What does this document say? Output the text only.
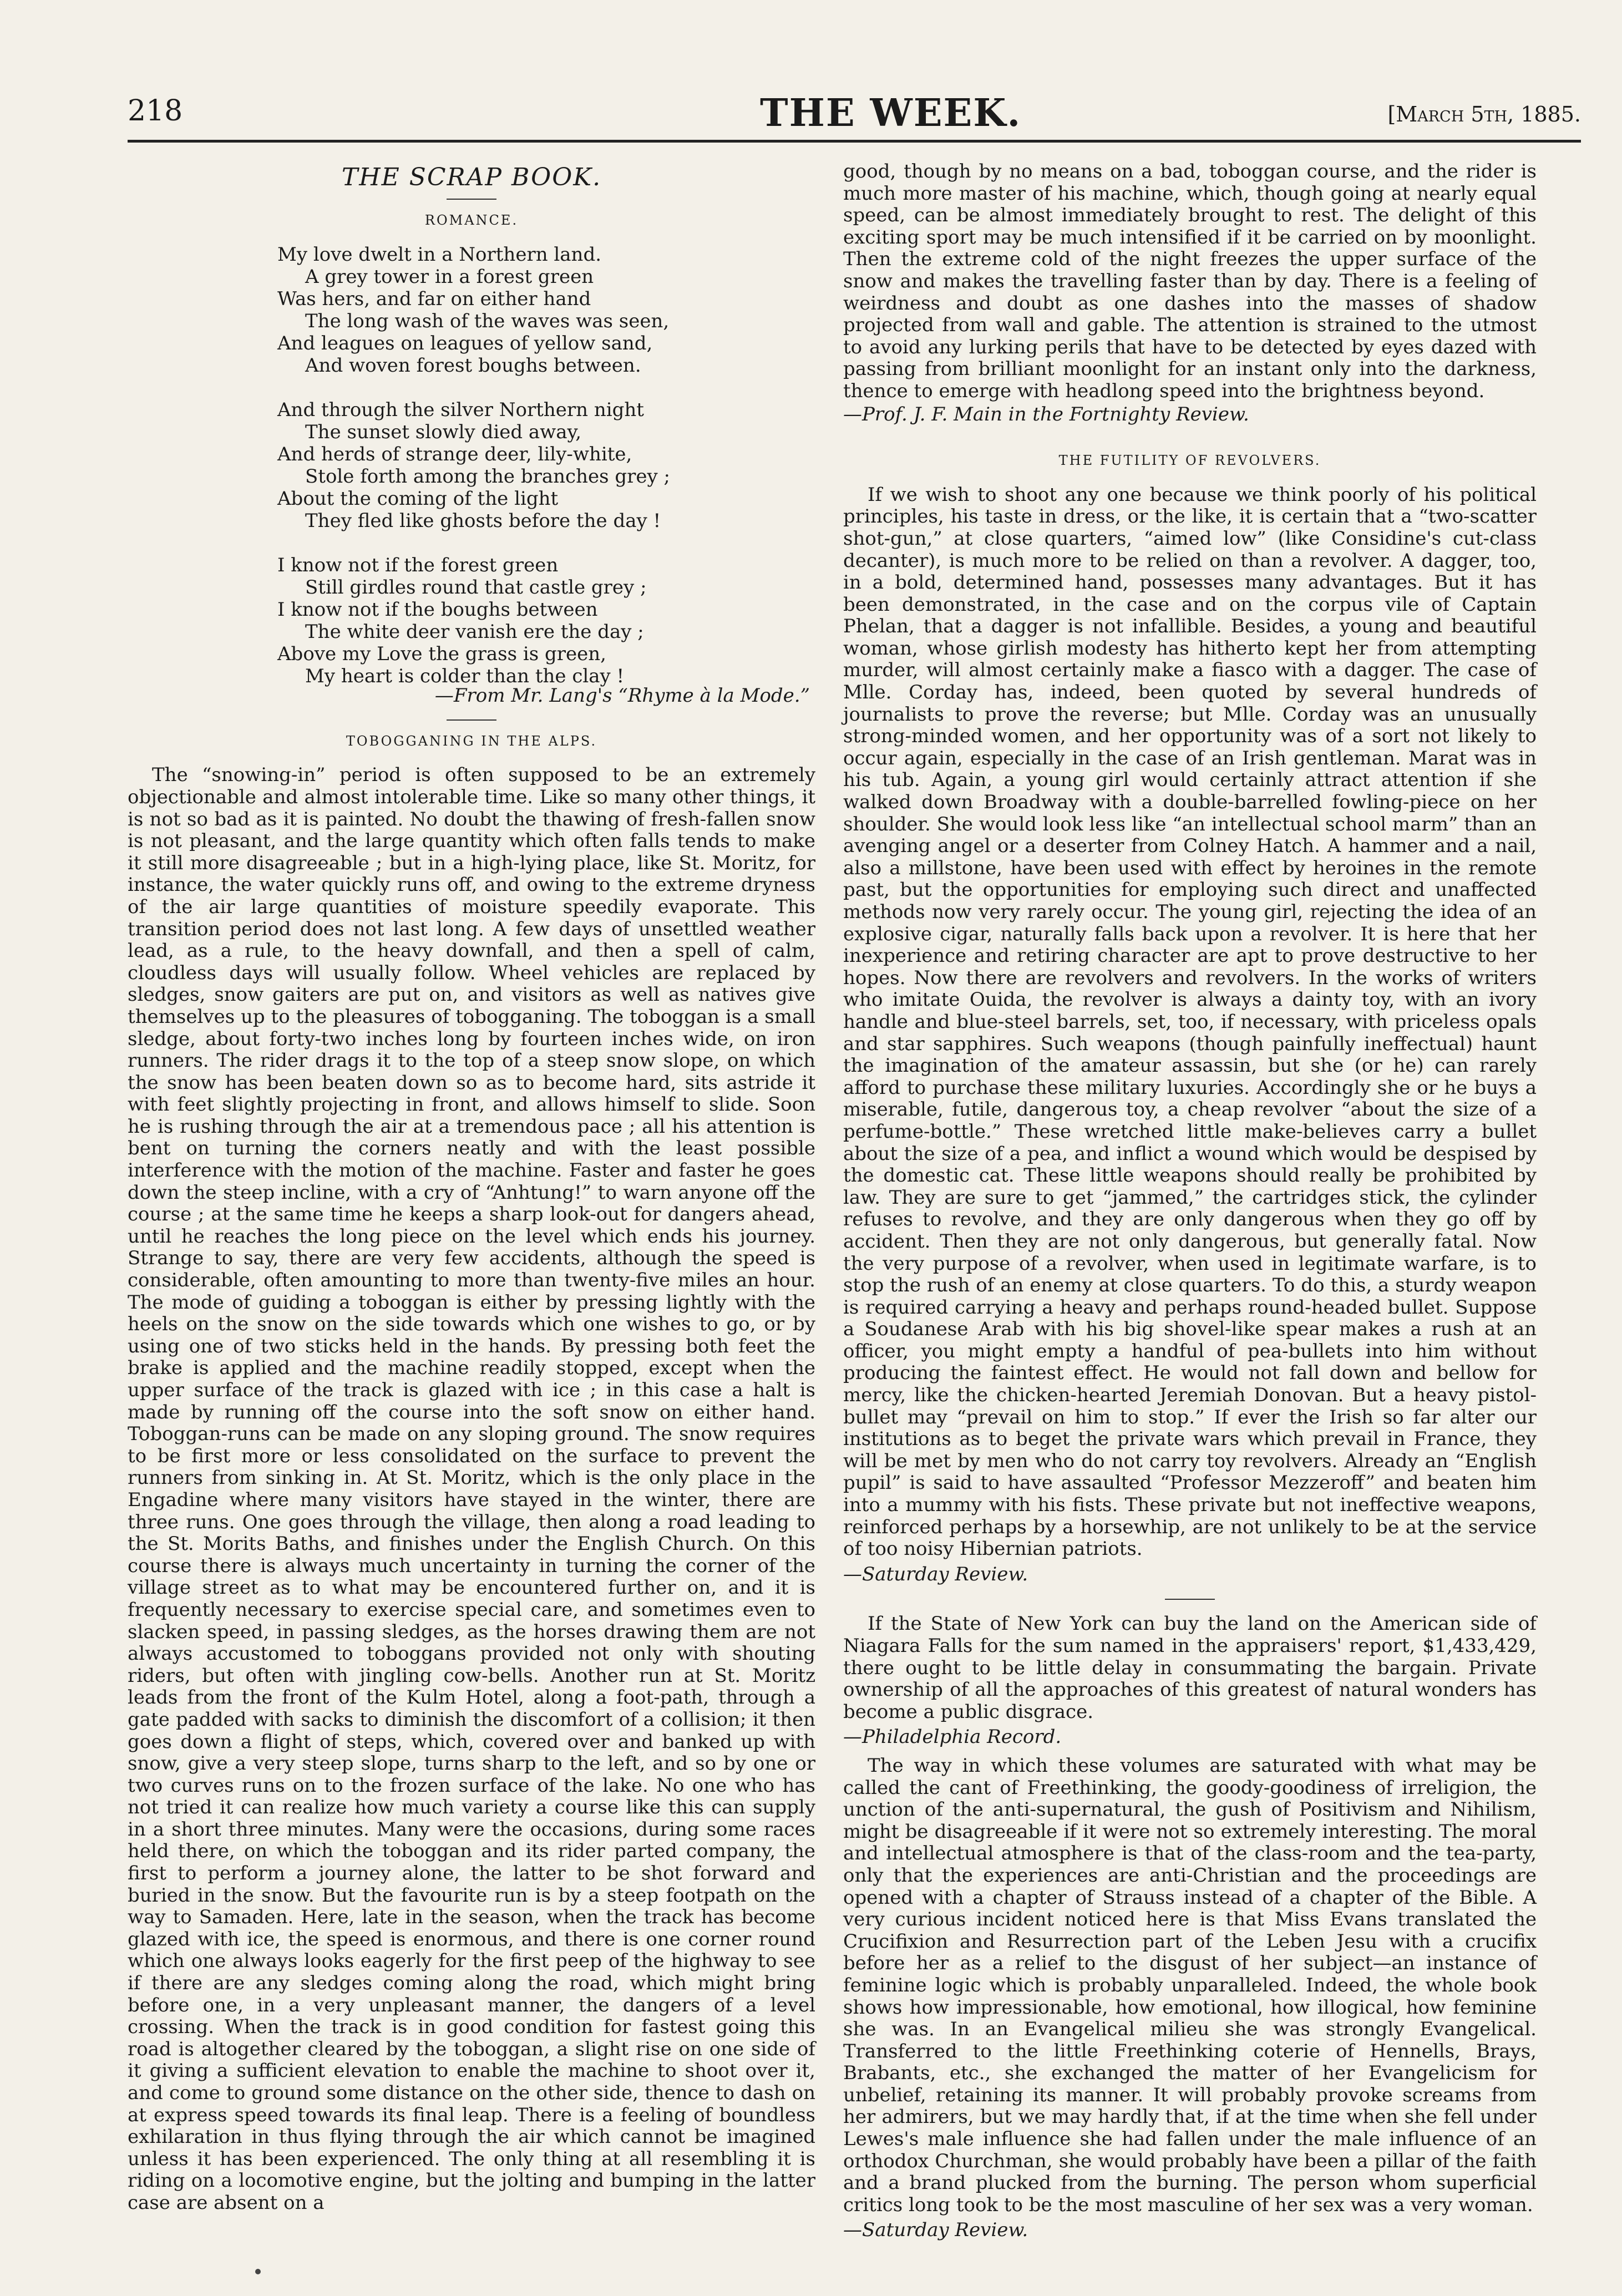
218	THE WEEK.	[March 5th, 1885.
THE SCRAP BOOK.
ROMANCE.
My love dwelt in a Northern land.
A grey tower in a forest green
Was hers, and far on either hand
The long wash of the waves was seen,
And leagues on leagues of yellow sand,
And woven forest boughs between.
And through the silver Northern night
The sunset slowly died away,
And herds of strange deer, lily-white,
Stole forth among the branches grey ;
About the coming of the light
They fled like ghosts before the day !
I know not if the forest green
Still girdles round that castle grey ;
I know not if the boughs between
The white deer vanish ere the day ;
Above my Love the grass is green,
My heart is colder than the clay !
—From Mr. Lang's “Rhyme à la Mode.”
TOBOGGANING IN THE ALPS.

The “snowing-in” period is often supposed to be an extremely objectionable and almost intolerable time. Like so many other things, it is not so bad as it is painted. No doubt the thawing of fresh-fallen snow is not pleasant, and the large quantity which often falls tends to make it still more disagreeable ; but in a high-lying place, like St. Moritz, for instance, the water quickly runs off, and owing to the extreme dryness of the air large quantities of moisture speedily evaporate. This transition period does not last long. A few days of unsettled weather lead, as a rule, to the heavy downfall, and then a spell of calm, cloudless days will usually follow. Wheel vehicles are replaced by sledges, snow gaiters are put on, and visitors as well as natives give themselves up to the pleasures of tobogganing. The toboggan is a small sledge, about forty-two inches long by fourteen inches wide, on iron runners. The rider drags it to the top of a steep snow slope, on which the snow has been beaten down so as to become hard, sits astride it with feet slightly projecting in front, and allows himself to slide. Soon he is rushing through the air at a tremendous pace ; all his attention is bent on turning the corners neatly and with the least possible interference with the motion of the machine. Faster and faster he goes down the steep incline, with a cry of “Anhtung!” to warn anyone off the course ; at the same time he keeps a sharp look-out for dangers ahead, until he reaches the long piece on the level which ends his journey. Strange to say, there are very few accidents, although the speed is considerable, often amounting to more than twenty-five miles an hour. The mode of guiding a toboggan is either by pressing lightly with the heels on the snow on the side towards which one wishes to go, or by using one of two sticks held in the hands. By pressing both feet the brake is applied and the machine readily stopped, except when the upper surface of the track is glazed with ice ; in this case a halt is made by running off the course into the soft snow on either hand. Toboggan-runs can be made on any sloping ground. The snow requires to be first more or less consolidated on the surface to prevent the runners from sinking in. At St. Moritz, which is the only place in the Engadine where many visitors have stayed in the winter, there are three runs. One goes through the village, then along a road leading to the St. Morits Baths, and finishes under the English Church. On this course there is always much uncertainty in turning the corner of the village street as to what may be encountered further on, and it is frequently necessary to exercise special care, and sometimes even to slacken speed, in passing sledges, as the horses drawing them are not always accustomed to toboggans provided not only with shouting riders, but often with jingling cow-bells. Another run at St. Moritz leads from the front of the Kulm Hotel, along a foot-path, through a gate padded with sacks to diminish the discomfort of a collision; it then goes down a flight of steps, which, covered over and banked up with snow, give a very steep slope, turns sharp to the left, and so by one or two curves runs on to the frozen surface of the lake. No one who has not tried it can realize how much variety a course like this can supply in a short three minutes. Many were the occasions, during some races held there, on which the toboggan and its rider parted company, the first to perform a journey alone, the latter to be shot forward and buried in the snow. But the favourite run is by a steep footpath on the way to Samaden. Here, late in the season, when the track has become glazed with ice, the speed is enormous, and there is one corner round which one always looks eagerly for the first peep of the highway to see if there are any sledges coming along the road, which might bring before one, in a very unpleasant manner, the dangers of a level crossing. When the track is in good condition for fastest going this road is altogether cleared by the toboggan, a slight rise on one side of it giving a sufficient elevation to enable the machine to shoot over it, and come to ground some distance on the other side, thence to dash on at express speed towards its final leap. There is a feeling of boundless exhilaration in thus flying through the air which cannot be imagined unless it has been experienced. The only thing at all resembling it is riding on a locomotive engine, but the jolting and bumping in the latter case are absent on a

good, though by no means on a bad, toboggan course, and the rider is much more master of his machine, which, though going at nearly equal speed, can be almost immediately brought to rest. The delight of this exciting sport may be much intensified if it be carried on by moonlight. Then the extreme cold of the night freezes the upper surface of the snow and makes the travelling faster than by day. There is a feeling of weirdness and doubt as one dashes into the masses of shadow projected from wall and gable. The attention is strained to the utmost to avoid any lurking perils that have to be detected by eyes dazed with passing from brilliant moonlight for an instant only into the darkness, thence to emerge with headlong speed into the brightness beyond.

—Prof. J. F. Main in the Fortnighty Review.
THE FUTILITY OF REVOLVERS.

If we wish to shoot any one because we think poorly of his political principles, his taste in dress, or the like, it is certain that a “two-scatter shot-gun,” at close quarters, “aimed low” (like Considine's cut-class decanter), is much more to be relied on than a revolver. A dagger, too, in a bold, determined hand, possesses many advantages. But it has been demonstrated, in the case and on the corpus vile of Captain Phelan, that a dagger is not infallible. Besides, a young and beautiful woman, whose girlish modesty has hitherto kept her from attempting murder, will almost certainly make a fiasco with a dagger. The case of Mlle. Corday has, indeed, been quoted by several hundreds of journalists to prove the reverse; but Mlle. Corday was an unusually strong-minded women, and her opportunity was of a sort not likely to occur again, especially in the case of an Irish gentleman. Marat was in his tub. Again, a young girl would certainly attract attention if she walked down Broadway with a double-barrelled fowling-piece on her shoulder. She would look less like “an intellectual school marm” than an avenging angel or a deserter from Colney Hatch. A hammer and a nail, also a millstone, have been used with effect by heroines in the remote past, but the opportunities for employing such direct and unaffected methods now very rarely occur. The young girl, rejecting the idea of an explosive cigar, naturally falls back upon a revolver. It is here that her inexperience and retiring character are apt to prove destructive to her hopes. Now there are revolvers and revolvers. In the works of writers who imitate Ouida, the revolver is always a dainty toy, with an ivory handle and blue-steel barrels, set, too, if necessary, with priceless opals and star sapphires. Such weapons (though painfully ineffectual) haunt the imagination of the amateur assassin, but she (or he) can rarely afford to purchase these military luxuries. Accordingly she or he buys a miserable, futile, dangerous toy, a cheap revolver “about the size of a perfume-bottle.” These wretched little make-believes carry a bullet about the size of a pea, and inflict a wound which would be despised by the domestic cat. These little weapons should really be prohibited by law. They are sure to get “jammed,” the cartridges stick, the cylinder refuses to revolve, and they are only dangerous when they go off by accident. Then they are not only dangerous, but generally fatal. Now the very purpose of a revolver, when used in legitimate warfare, is to stop the rush of an enemy at close quarters. To do this, a sturdy weapon is required carrying a heavy and perhaps round-headed bullet. Suppose a Soudanese Arab with his big shovel-like spear makes a rush at an officer, you might empty a handful of pea-bullets into him without producing the faintest effect. He would not fall down and bellow for mercy, like the chicken-hearted Jeremiah Donovan. But a heavy pistol-bullet may “prevail on him to stop.” If ever the Irish so far alter our institutions as to beget the private wars which prevail in France, they will be met by men who do not carry toy revolvers. Already an “English pupil” is said to have assaulted “Professor Mezzeroff” and beaten him into a mummy with his fists. These private but not ineffective weapons, reinforced perhaps by a horsewhip, are not unlikely to be at the service of too noisy Hibernian patriots.

—Saturday Review.

If the State of New York can buy the land on the American side of Niagara Falls for the sum named in the appraisers' report, $1,433,429, there ought to be little delay in consummating the bargain. Private ownership of all the approaches of this greatest of natural wonders has become a public disgrace.

—Philadelphia Record.

The way in which these volumes are saturated with what may be called the cant of Freethinking, the goody-goodiness of irreligion, the unction of the anti-supernatural, the gush of Positivism and Nihilism, might be disagreeable if it were not so extremely interesting. The moral and intellectual atmosphere is that of the class-room and the tea-party, only that the experiences are anti-Christian and the proceedings are opened with a chapter of Strauss instead of a chapter of the Bible. A very curious incident noticed here is that Miss Evans translated the Crucifixion and Resurrection part of the Leben Jesu with a crucifix before her as a relief to the disgust of her subject—an instance of feminine logic which is probably unparalleled. Indeed, the whole book shows how impressionable, how emotional, how illogical, how feminine she was. In an Evangelical milieu she was strongly Evangelical. Transferred to the little Freethinking coterie of Hennells, Brays, Brabants, etc., she exchanged the matter of her Evangelicism for unbelief, retaining its manner. It will probably provoke screams from her admirers, but we may hardly that, if at the time when she fell under Lewes's male influence she had fallen under the male influence of an orthodox Churchman, she would probably have been a pillar of the faith and a brand plucked from the burning. The person whom superficial critics long took to be the most masculine of her sex was a very woman.

—Saturday Review.
